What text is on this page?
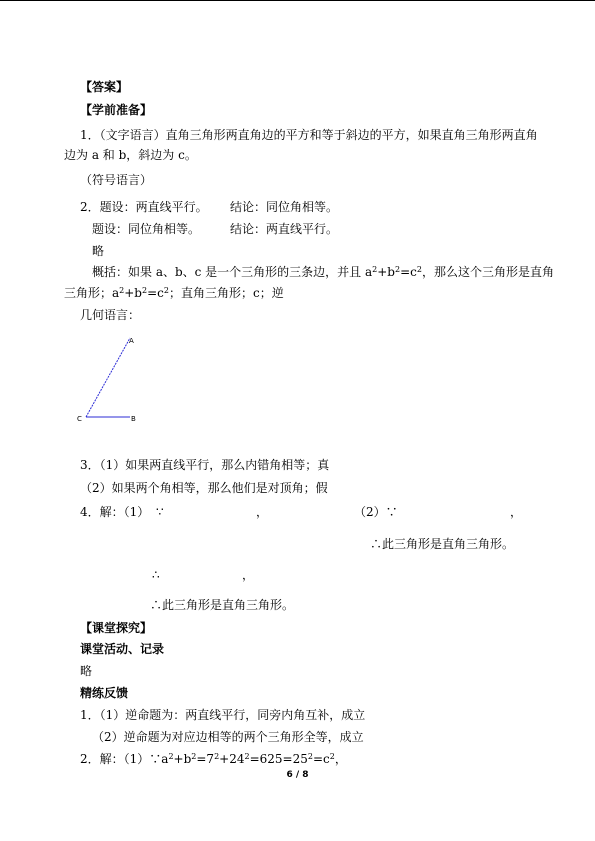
【答案】
【学前准备】
1．（文字语言）直角三角形两直角边的平方和等于斜边的平方，如果直角三角形两直角
边为 a 和 b，斜边为 c。
（符号语言）
2．题设：两直线平行。 结论：同位角相等。
题设：同位角相等。 结论：两直线平行。
略
概括：如果 a、b、c 是一个三角形的三条边，并且 $a^2+b^2=c^2$，那么这个三角形是直角
三角形；$a^2+b^2=c^2$；直角三角形；c；逆
几何语言：
A
C	B
3．（1）如果两直线平行，那么内错角相等；真
（2）如果两个角相等，那么他们是对顶角；假
4．解：（1） ∵	，	（2）∵	，
∴此三角形是直角三角形。
∴	，
∴此三角形是直角三角形。
【课堂探究】
课堂活动、记录
略
精练反馈
1．（1）逆命题为：两直线平行，同旁内角互补，成立
（2）逆命题为对应边相等的两个三角形全等，成立
2．解：$(1)\because a^2+b^2=7^2+24^2=625=25^2=c^2$，
6 / 8
